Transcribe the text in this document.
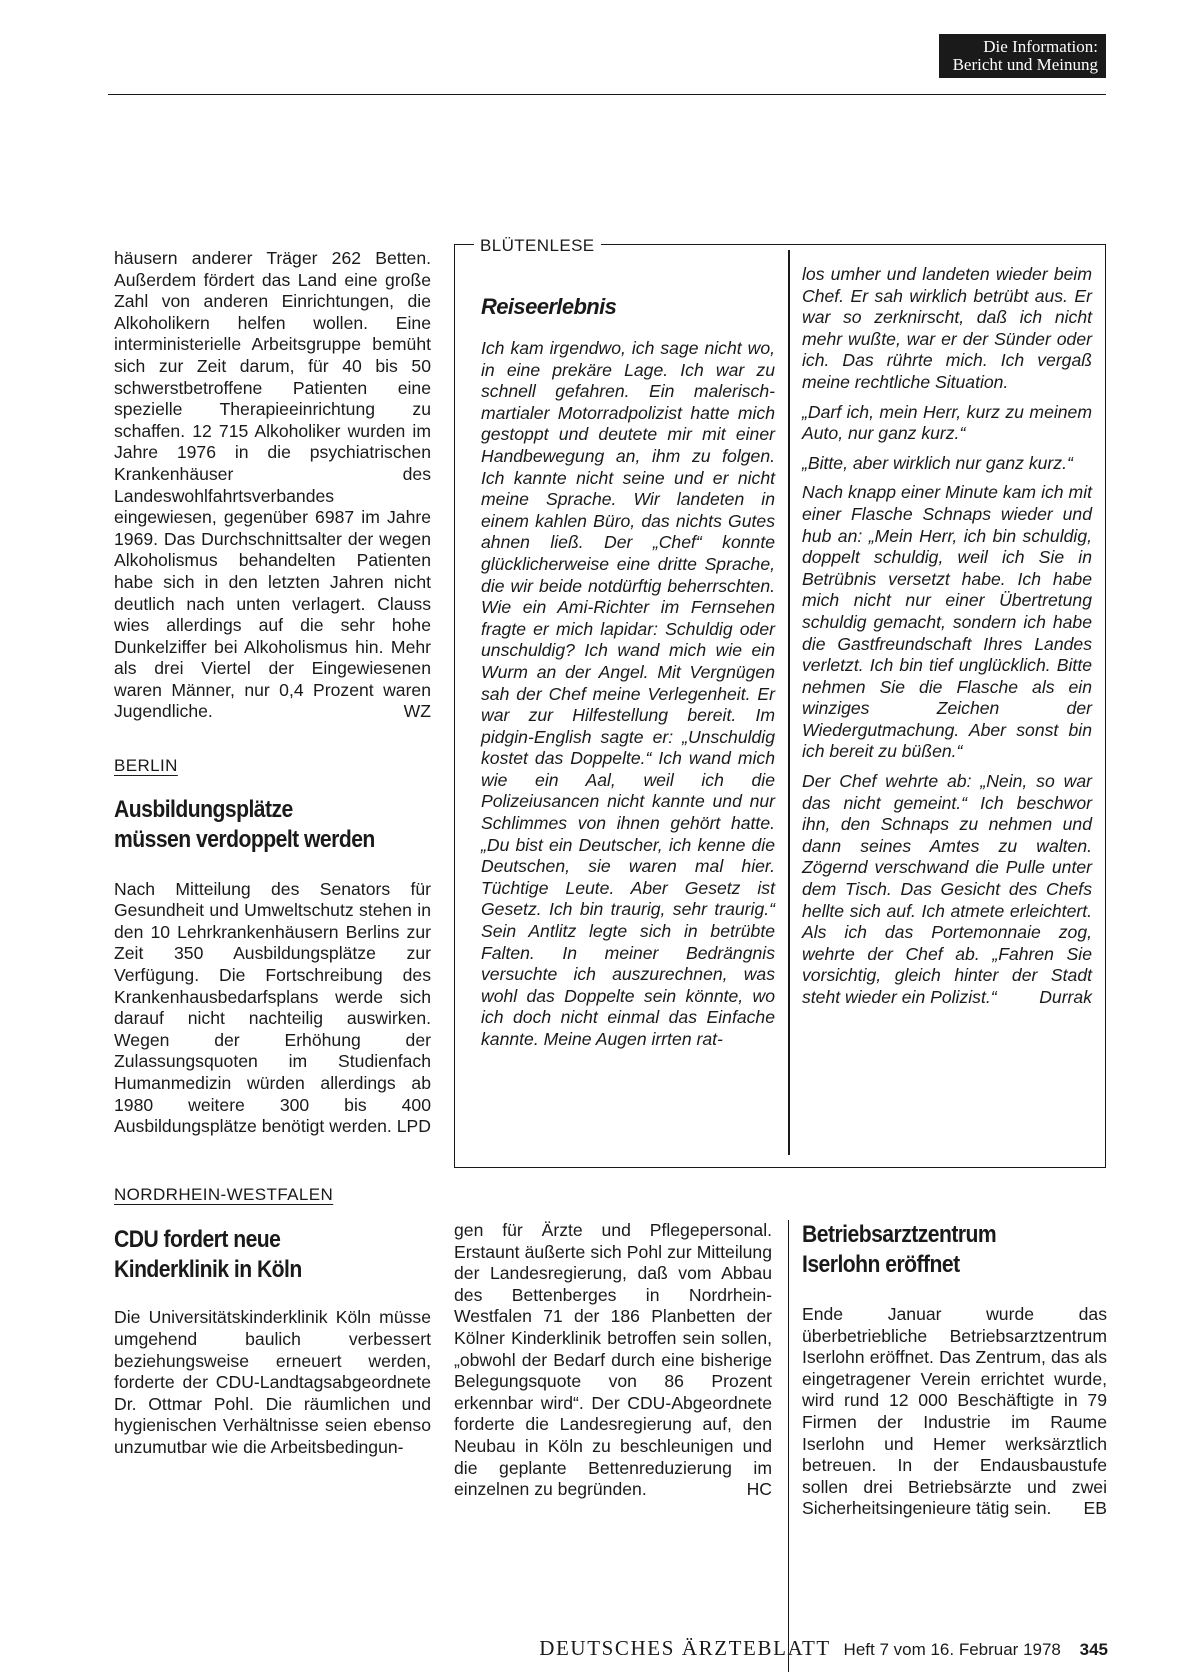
Die Information:
Bericht und Meinung

häusern anderer Träger 262 Betten. Außerdem fördert das Land eine große Zahl von anderen Einrichtungen, die Alkoholikern helfen wollen. Eine interministerielle Arbeitsgruppe bemüht sich zur Zeit darum, für 40 bis 50 schwerstbetroffene Patienten eine spezielle Therapieeinrichtung zu schaffen. 12 715 Alkoholiker wurden im Jahre 1976 in die psychiatrischen Krankenhäuser des Landeswohlfahrtsverbandes eingewiesen, gegenüber 6987 im Jahre 1969. Das Durchschnittsalter der wegen Alkoholismus behandelten Patienten habe sich in den letzten Jahren nicht deutlich nach unten verlagert. Clauss wies allerdings auf die sehr hohe Dunkelziffer bei Alkoholismus hin. Mehr als drei Viertel der Eingewiesenen waren Männer, nur 0,4 Prozent waren Jugendliche.	WZ

BERLIN

Ausbildungsplätze

müssen verdoppelt werden

Nach Mitteilung des Senators für Gesundheit und Umweltschutz stehen in den 10 Lehrkrankenhäusern Berlins zur Zeit 350 Ausbildungsplätze zur Verfügung. Die Fortschreibung des Krankenhausbedarfsplans werde sich darauf nicht nachteilig auswirken. Wegen der Erhöhung der Zulassungsquoten im Studienfach Humanmedizin würden allerdings ab 1980 weitere 300 bis 400 Ausbildungsplätze benötigt werden. LPD

NORDRHEIN-WESTFALEN

CDU fordert neue

Kinderklinik in Köln

Die Universitätskinderklinik Köln müsse umgehend baulich verbessert beziehungsweise erneuert werden, forderte der CDU-Landtagsabgeordnete Dr. Ottmar Pohl. Die räumlichen und hygienischen Verhältnisse seien ebenso unzumutbar wie die Arbeitsbedingun-

BLÜTENLESE

Reiseerlebnis

Ich kam irgendwo, ich sage nicht wo, in eine prekäre Lage. Ich war zu schnell gefahren. Ein malerisch-martialer Motorradpolizist hatte mich gestoppt und deutete mir mit einer Handbewegung an, ihm zu folgen. Ich kannte nicht seine und er nicht meine Sprache. Wir landeten in einem kahlen Büro, das nichts Gutes ahnen ließ. Der „Chef“ konnte glücklicherweise eine dritte Sprache, die wir beide notdürftig beherrschten. Wie ein Ami-Richter im Fernsehen fragte er mich lapidar: Schuldig oder unschuldig? Ich wand mich wie ein Wurm an der Angel. Mit Vergnügen sah der Chef meine Verlegenheit. Er war zur Hilfestellung bereit. Im pidgin-English sagte er: „Unschuldig kostet das Doppelte.“ Ich wand mich wie ein Aal, weil ich die Polizeiusancen nicht kannte und nur Schlimmes von ihnen gehört hatte. „Du bist ein Deutscher, ich kenne die Deutschen, sie waren mal hier. Tüchtige Leute. Aber Gesetz ist Gesetz. Ich bin traurig, sehr traurig.“ Sein Antlitz legte sich in betrübte Falten. In meiner Bedrängnis versuchte ich auszurechnen, was wohl das Doppelte sein könnte, wo ich doch nicht einmal das Einfache kannte. Meine Augen irrten rat-

los umher und landeten wieder beim Chef. Er sah wirklich betrübt aus. Er war so zerknirscht, daß ich nicht mehr wußte, war er der Sünder oder ich. Das rührte mich. Ich vergaß meine rechtliche Situation.

„Darf ich, mein Herr, kurz zu meinem Auto, nur ganz kurz.“

„Bitte, aber wirklich nur ganz kurz.“

Nach knapp einer Minute kam ich mit einer Flasche Schnaps wieder und hub an: „Mein Herr, ich bin schuldig, doppelt schuldig, weil ich Sie in Betrübnis versetzt habe. Ich habe mich nicht nur einer Übertretung schuldig gemacht, sondern ich habe die Gastfreundschaft Ihres Landes verletzt. Ich bin tief unglücklich. Bitte nehmen Sie die Flasche als ein winziges Zeichen der Wiedergutmachung. Aber sonst bin ich bereit zu büßen.“

Der Chef wehrte ab: „Nein, so war das nicht gemeint.“ Ich beschwor ihn, den Schnaps zu nehmen und dann seines Amtes zu walten. Zögernd verschwand die Pulle unter dem Tisch. Das Gesicht des Chefs hellte sich auf. Ich atmete erleichtert. Als ich das Portemonnaie zog, wehrte der Chef ab. „Fahren Sie vorsichtig, gleich hinter der Stadt steht wieder ein Polizist.“	Durrak

gen für Ärzte und Pflegepersonal. Erstaunt äußerte sich Pohl zur Mitteilung der Landesregierung, daß vom Abbau des Bettenberges in Nordrhein-Westfalen 71 der 186 Planbetten der Kölner Kinderklinik betroffen sein sollen, „obwohl der Bedarf durch eine bisherige Belegungsquote von 86 Prozent erkennbar wird“. Der CDU-Abgeordnete forderte die Landesregierung auf, den Neubau in Köln zu beschleunigen und die geplante Bettenreduzierung im einzelnen zu begründen.	HC

Betriebsarztzentrum

Iserlohn eröffnet

Ende Januar wurde das überbetriebliche Betriebsarztzentrum Iserlohn eröffnet. Das Zentrum, das als eingetragener Verein errichtet wurde, wird rund 12 000 Beschäftigte in 79 Firmen der Industrie im Raume Iserlohn und Hemer werksärztlich betreuen. In der Endausbaustufe sollen drei Betriebsärzte und zwei Sicherheitsingenieure tätig sein.	EB

DEUTSCHES ÄRZTEBLATT Heft 7 vom 16. Februar 1978 345
